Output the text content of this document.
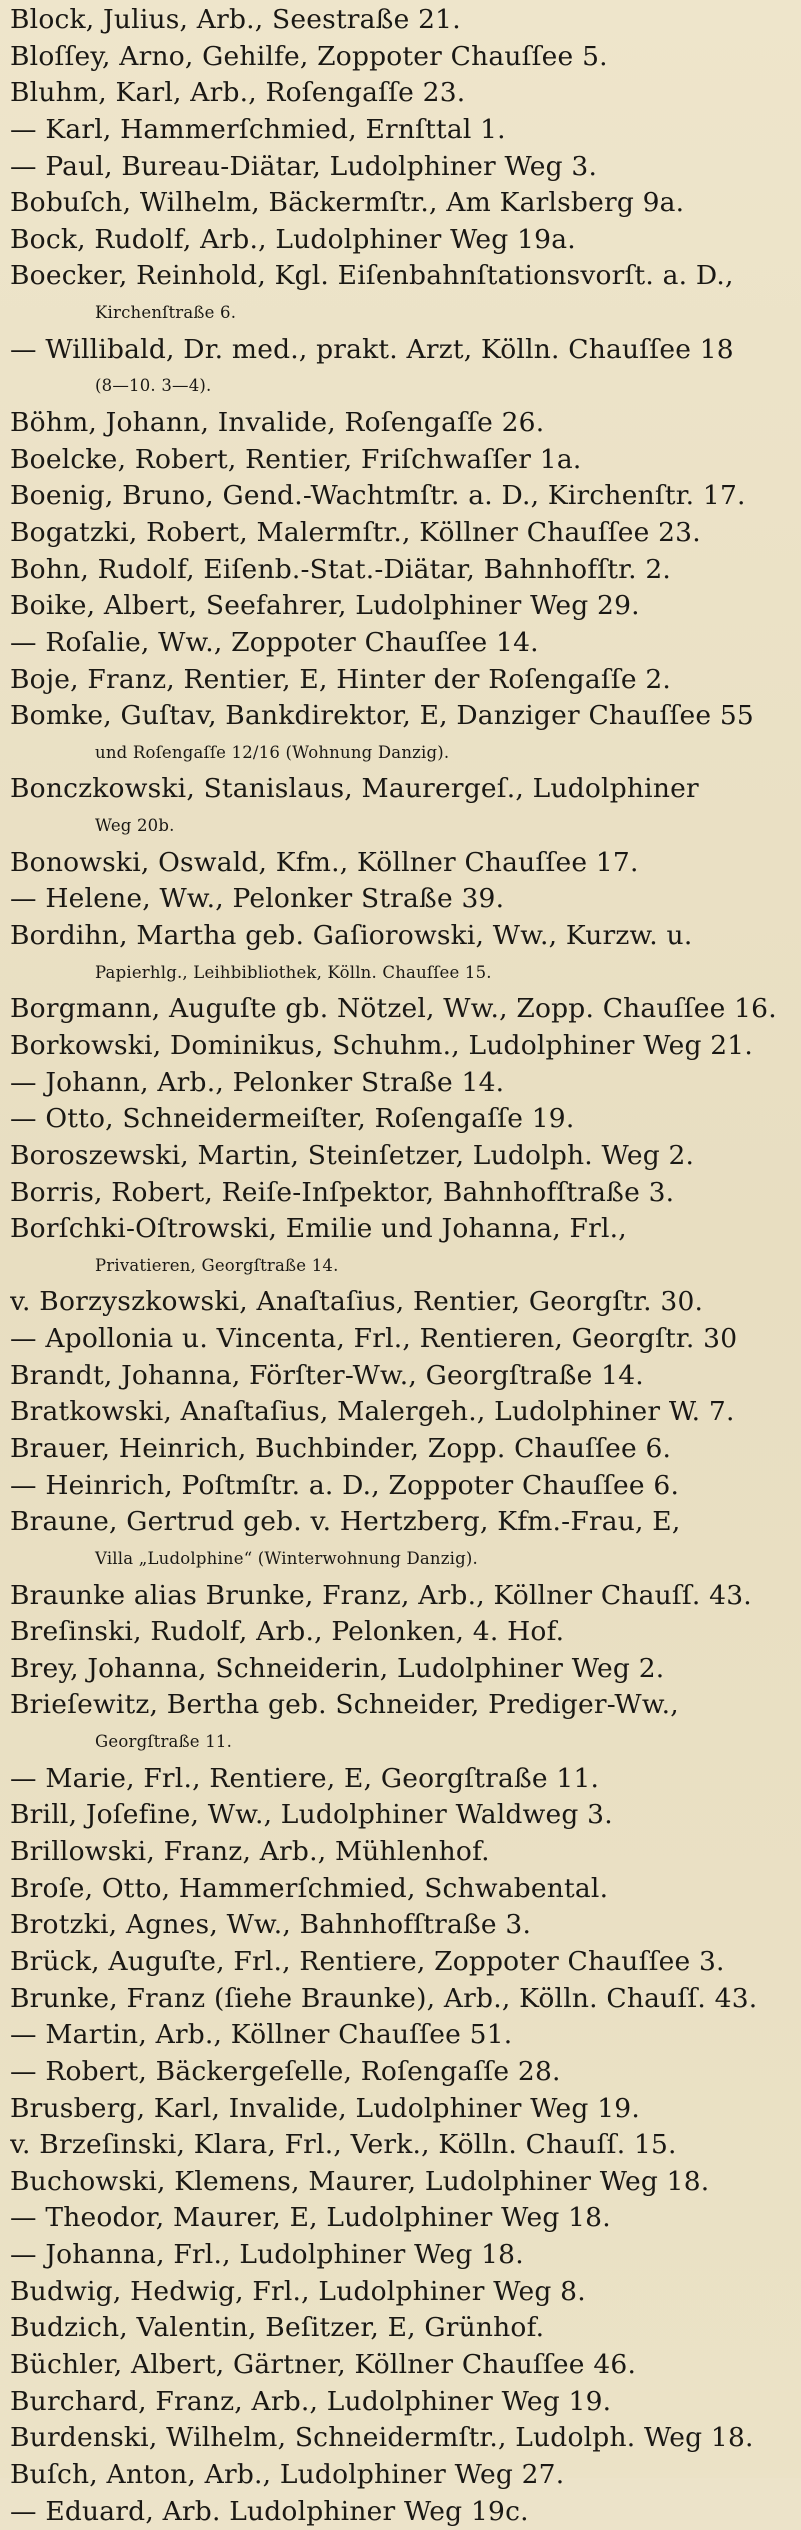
Block, Julius, Arb., Seestraße 21.
Bloſſey, Arno, Gehilfe, Zoppoter Chauſſee 5.
Bluhm, Karl, Arb., Roſengaſſe 23.
— Karl, Hammerſchmied, Ernſttal 1.
— Paul, Bureau-Diätar, Ludolphiner Weg 3.
Bobuſch, Wilhelm, Bäckermſtr., Am Karlsberg 9a.
Bock, Rudolf, Arb., Ludolphiner Weg 19a.
Boecker, Reinhold, Kgl. Eiſenbahnſtationsvorſt. a. D.,
Kirchenſtraße 6.
— Willibald, Dr. med., prakt. Arzt, Kölln. Chauſſee 18
(8—10. 3—4).
Böhm, Johann, Invalide, Roſengaſſe 26.
Boelcke, Robert, Rentier, Friſchwaſſer 1a.
Boenig, Bruno, Gend.-Wachtmſtr. a. D., Kirchenſtr. 17.
Bogatzki, Robert, Malermſtr., Köllner Chauſſee 23.
Bohn, Rudolf, Eiſenb.-Stat.-Diätar, Bahnhofſtr. 2.
Boike, Albert, Seefahrer, Ludolphiner Weg 29.
— Roſalie, Ww., Zoppoter Chauſſee 14.
Boje, Franz, Rentier, E, Hinter der Roſengaſſe 2.
Bomke, Guſtav, Bankdirektor, E, Danziger Chauſſee 55
und Roſengaſſe 12/16 (Wohnung Danzig).
Bonczkowski, Stanislaus, Maurergeſ., Ludolphiner
Weg 20b.
Bonowski, Oswald, Kfm., Köllner Chauſſee 17.
— Helene, Ww., Pelonker Straße 39.
Bordihn, Martha geb. Gaſiorowski, Ww., Kurzw. u.
Papierhlg., Leihbibliothek, Kölln. Chauſſee 15.
Borgmann, Auguſte gb. Nötzel, Ww., Zopp. Chauſſee 16.
Borkowski, Dominikus, Schuhm., Ludolphiner Weg 21.
— Johann, Arb., Pelonker Straße 14.
— Otto, Schneidermeiſter, Roſengaſſe 19.
Boroszewski, Martin, Steinſetzer, Ludolph. Weg 2.
Borris, Robert, Reiſe-Inſpektor, Bahnhofſtraße 3.
Borſchki-Oſtrowski, Emilie und Johanna, Frl.,
Privatieren, Georgſtraße 14.
v. Borzyszkowski, Anaſtaſius, Rentier, Georgſtr. 30.
— Apollonia u. Vincenta, Frl., Rentieren, Georgſtr. 30
Brandt, Johanna, Förſter-Ww., Georgſtraße 14.
Bratkowski, Anaſtaſius, Malergeh., Ludolphiner W. 7.
Brauer, Heinrich, Buchbinder, Zopp. Chauſſee 6.
— Heinrich, Poſtmſtr. a. D., Zoppoter Chauſſee 6.
Braune, Gertrud geb. v. Hertzberg, Kfm.-Frau, E,
Villa „Ludolphine“ (Winterwohnung Danzig).
Braunke alias Brunke, Franz, Arb., Köllner Chauſſ. 43.
Breſinski, Rudolf, Arb., Pelonken, 4. Hof.
Brey, Johanna, Schneiderin, Ludolphiner Weg 2.
Brieſewitz, Bertha geb. Schneider, Prediger-Ww.,
Georgſtraße 11.
— Marie, Frl., Rentiere, E, Georgſtraße 11.
Brill, Joſefine, Ww., Ludolphiner Waldweg 3.
Brillowski, Franz, Arb., Mühlenhof.
Broſe, Otto, Hammerſchmied, Schwabental.
Brotzki, Agnes, Ww., Bahnhofſtraße 3.
Brück, Auguſte, Frl., Rentiere, Zoppoter Chauſſee 3.
Brunke, Franz (ſiehe Braunke), Arb., Kölln. Chauſſ. 43.
— Martin, Arb., Köllner Chauſſee 51.
— Robert, Bäckergeſelle, Roſengaſſe 28.
Brusberg, Karl, Invalide, Ludolphiner Weg 19.
v. Brzeſinski, Klara, Frl., Verk., Kölln. Chauſſ. 15.
Buchowski, Klemens, Maurer, Ludolphiner Weg 18.
— Theodor, Maurer, E, Ludolphiner Weg 18.
— Johanna, Frl., Ludolphiner Weg 18.
Budwig, Hedwig, Frl., Ludolphiner Weg 8.
Budzich, Valentin, Beſitzer, E, Grünhof.
Büchler, Albert, Gärtner, Köllner Chauſſee 46.
Burchard, Franz, Arb., Ludolphiner Weg 19.
Burdenski, Wilhelm, Schneidermſtr., Ludolph. Weg 18.
Buſch, Anton, Arb., Ludolphiner Weg 27.
— Eduard, Arb. Ludolphiner Weg 19c.
